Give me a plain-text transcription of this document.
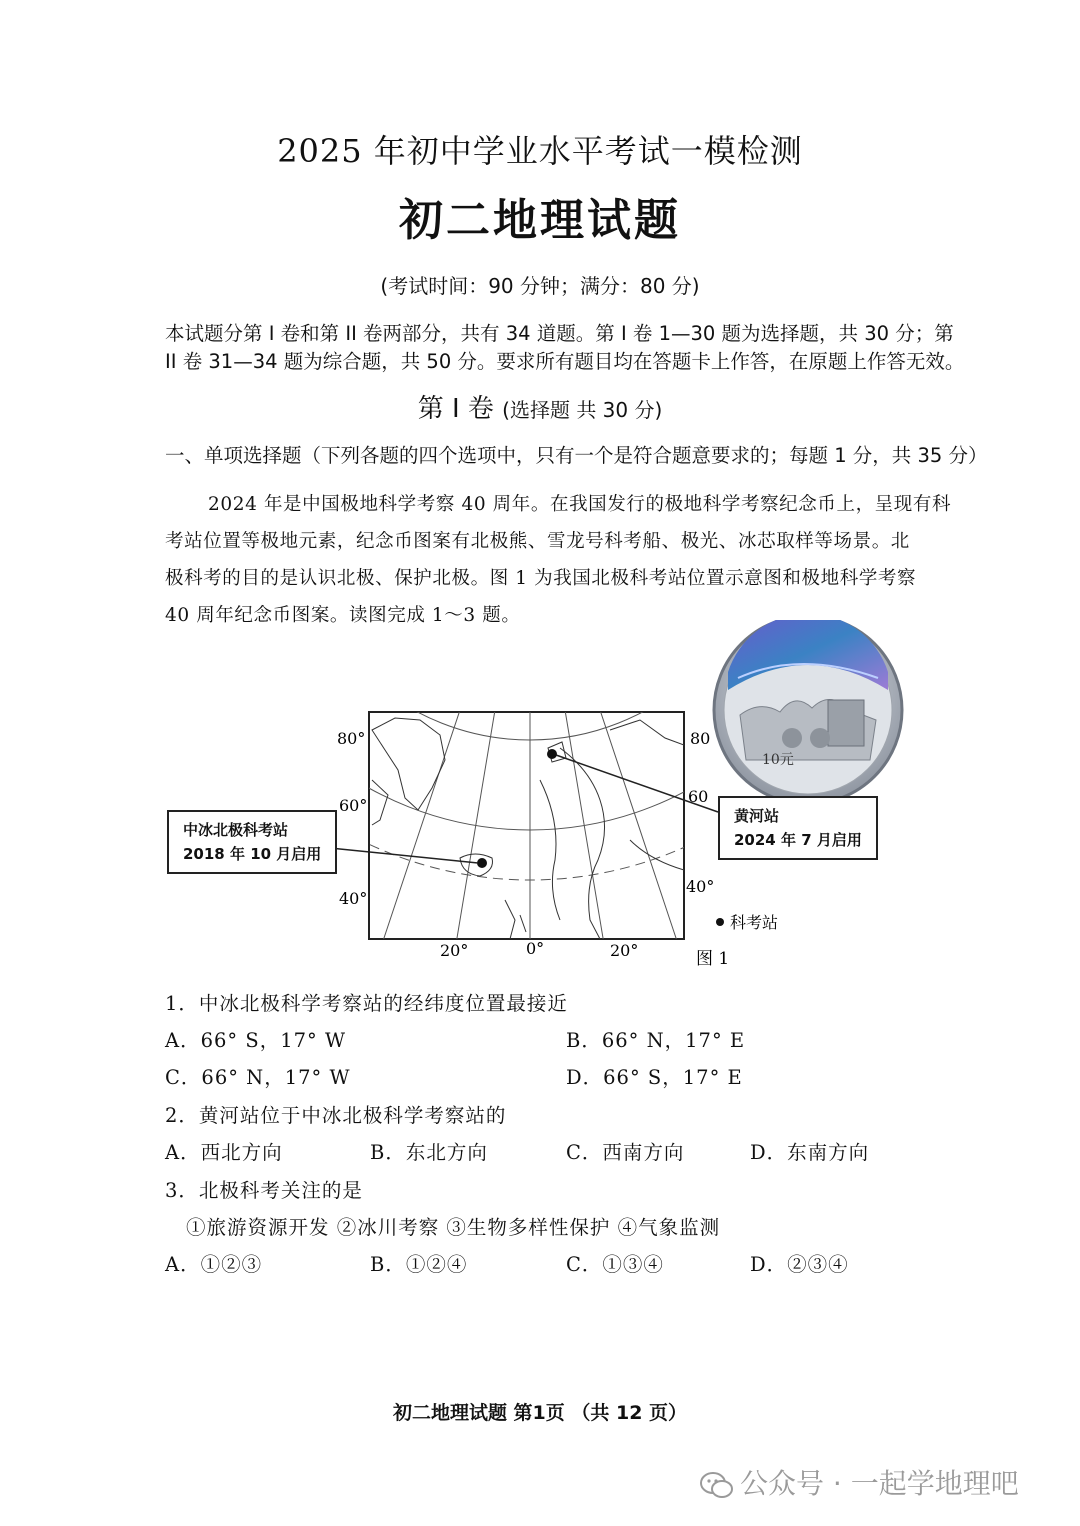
2025 年初中学业水平考试一模检测
初二地理试题
(考试时间：90 分钟；满分：80 分)
本试题分第 I 卷和第 II 卷两部分，共有 34 道题。第 I 卷 1—30 题为选择题，共 30 分；第
II 卷 31—34 题为综合题，共 50 分。要求所有题目均在答题卡上作答，在原题上作答无效。
第 I 卷 (选择题 共 30 分)
一、单项选择题（下列各题的四个选项中，只有一个是符合题意要求的；每题 1 分，共 35 分）
2024 年是中国极地科学考察 40 周年。在我国发行的极地科学考察纪念币上，呈现有科
考站位置等极地元素，纪念币图案有北极熊、雪龙号科考船、极光、冰芯取样等场景。北
极科考的目的是认识北极、保护北极。图 1 为我国北极科考站位置示意图和极地科学考察
40 周年纪念币图案。读图完成 1～3 题。
80°
60°
40°
80
60
40°
20°	0°	20°
科考站
图 1
10元
中冰北极科考站
2018 年 10 月启用
黄河站
2024 年 7 月启用
1．中冰北极科学考察站的经纬度位置最接近
A．66° S，17° W	B．66° N，17° E
C．66° N，17° W	D．66° S，17° E
2．黄河站位于中冰北极科学考察站的
A．西北方向	B．东北方向	C．西南方向	D．东南方向
3．北极科考关注的是
①旅游资源开发 ②冰川考察 ③生物多样性保护 ④气象监测
A．①②③	B．①②④	C．①③④	D．②③④
初二地理试题 第1页 （共 12 页）
公众号 · 一起学地理吧
